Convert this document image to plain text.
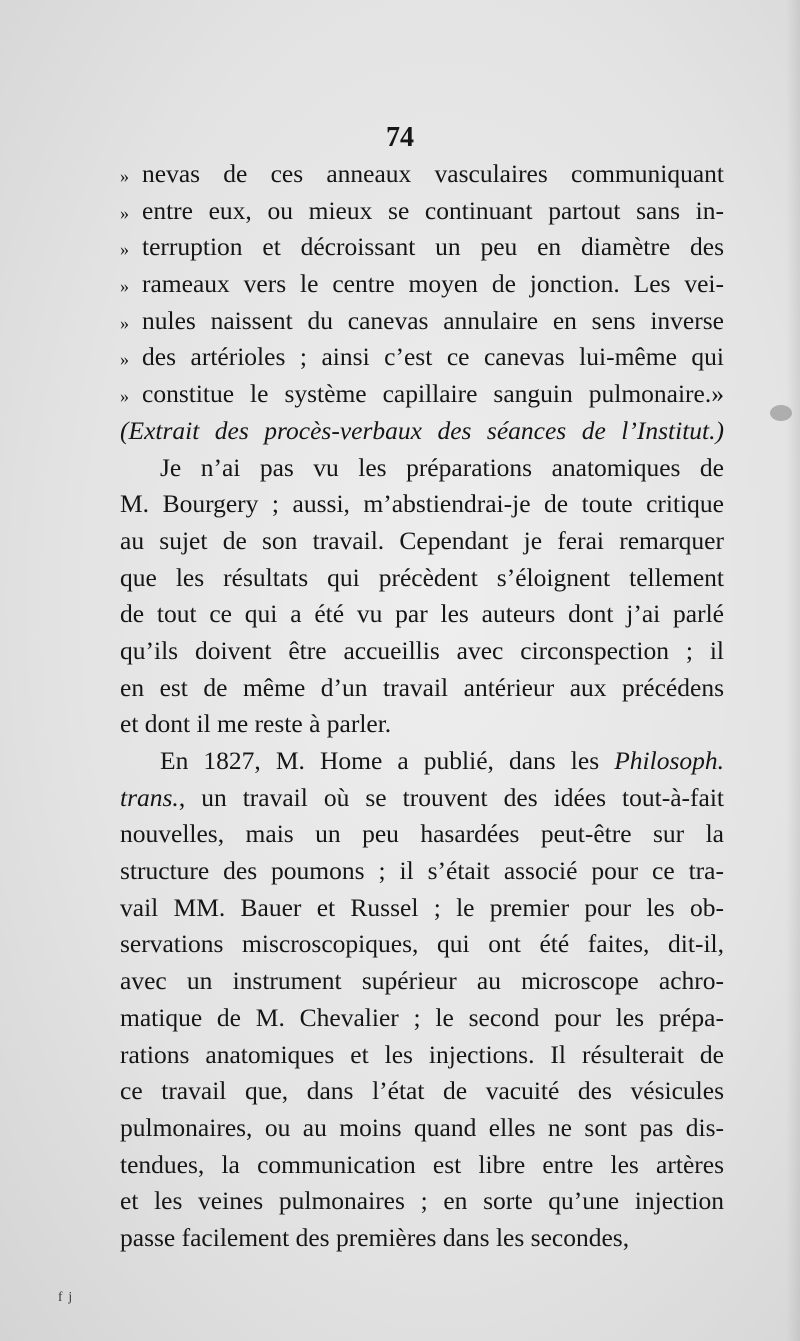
74
» nevas de ces anneaux vasculaires communiquant
» entre eux, ou mieux se continuant partout sans in-
» terruption et décroissant un peu en diamètre des
» rameaux vers le centre moyen de jonction. Les vei-
» nules naissent du canevas annulaire en sens inverse
» des artérioles ; ainsi c’est ce canevas lui-même qui
» constitue le système capillaire sanguin pulmonaire.»
(Extrait des procès-verbaux des séances de l’Institut.)
Je n’ai pas vu les préparations anatomiques de
M. Bourgery ; aussi, m’abstiendrai-je de toute critique
au sujet de son travail. Cependant je ferai remarquer
que les résultats qui précèdent s’éloignent tellement
de tout ce qui a été vu par les auteurs dont j’ai parlé
qu’ils doivent être accueillis avec circonspection ; il
en est de même d’un travail antérieur aux précédens
et dont il me reste à parler.
En 1827, M. Home a publié, dans les Philosoph.
trans., un travail où se trouvent des idées tout-à-fait
nouvelles, mais un peu hasardées peut-être sur la
structure des poumons ; il s’était associé pour ce tra-
vail MM. Bauer et Russel ; le premier pour les ob-
servations miscroscopiques, qui ont été faites, dit-il,
avec un instrument supérieur au microscope achro-
matique de M. Chevalier ; le second pour les prépa-
rations anatomiques et les injections. Il résulterait de
ce travail que, dans l’état de vacuité des vésicules
pulmonaires, ou au moins quand elles ne sont pas dis-
tendues, la communication est libre entre les artères
et les veines pulmonaires ; en sorte qu’une injection
passe facilement des premières dans les secondes,
ᶠ ʲ
